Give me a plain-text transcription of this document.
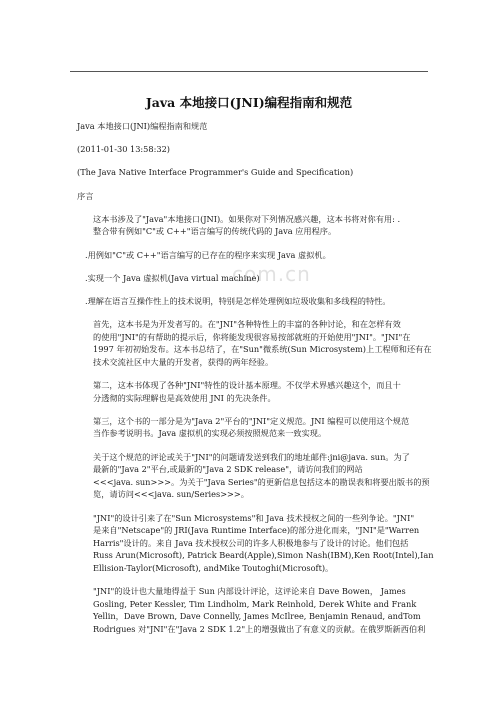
Java 本地接口(JNI)编程指南和规范
com.cn

Java 本地接口(JNI)编程指南和规范

(2011-01-30 13:58:32)

(The Java Native Interface Programmer's Guide and Specification)

序言

这本书涉及了"Java"本地接口(JNI)。如果你对下列情况感兴趣，这本书将对你有用: .
整合带有例如"C"或 C++"语言编写的传统代码的 Java 应用程序。

.用例如"C"或 C++"语言编写的已存在的程序来实现 Java 虚拟机。

.实现一个 Java 虚拟机(Java virtual machine)

.理解在语言互操作性上的技术说明，特别是怎样处理例如垃圾收集和多线程的特性。

首先，这本书是为开发者写的。在"JNI"各种特性上的丰富的各种讨论，和在怎样有效
的使用"JNI"的有帮助的提示后，你将能发现很容易按部就班的开始使用"JNI"。"JNI"在
1997 年初初始发布。这本书总结了，在"Sun"微系统(Sun Microsystem)上工程师和还有在
技术交流社区中大量的开发者，获得的两年经验。

第二，这本书体现了各种"JNI"特性的设计基本原理。不仅学术界感兴趣这个，而且十
分透彻的实际理解也是高效使用 JNI 的先决条件。

第三，这个书的一部分是为"Java 2"平台的"JNI"定义规范。JNI 编程可以使用这个规范
当作参考说明书。Java 虚拟机的实现必须按照规范来一致实现。

关于这个规范的评论或关于"JNI"的问题请发送到我们的地址邮件:jni@java. sun。为了
最新的"Java 2"平台,或最新的"Java 2 SDK release"，请访问我们的网站
<<<java. sun>>>。为关于"Java Series"的更新信息包括这本的勘误表和将要出版书的预
览，请访问<<<java. sun/Series>>>。

"JNI"的设计引来了在"Sun Microsystems"和 Java 技术授权之间的一些列争论。"JNI"
是来自"Netscape"的 JRI(Java Runtime Interface)的部分进化而来，"JNI"是"Warren
Harris"设计的。来自 Java 技术授权公司的许多人积极地参与了设计的讨论。他们包括
Russ Arun(Microsoft), Patrick Beard(Apple),Simon Nash(IBM),Ken Root(Intel),Ian
Ellision-Taylor(Microsoft), andMike Toutoghi(Microsoft)。

"JNI"的设计也大量地得益于 Sun 内部设计评论，这评论来自 Dave Bowen， James
Gosling, Peter Kessler, Tim Lindholm, Mark Reinhold, Derek White and Frank
Yellin，Dave Brown, Dave Connelly, James McIlree, Benjamin Renaud, andTom
Rodrigues 对"JNI"在"Java 2 SDK 1.2"上的增强做出了有意义的贡献。在俄罗斯新西伯利
